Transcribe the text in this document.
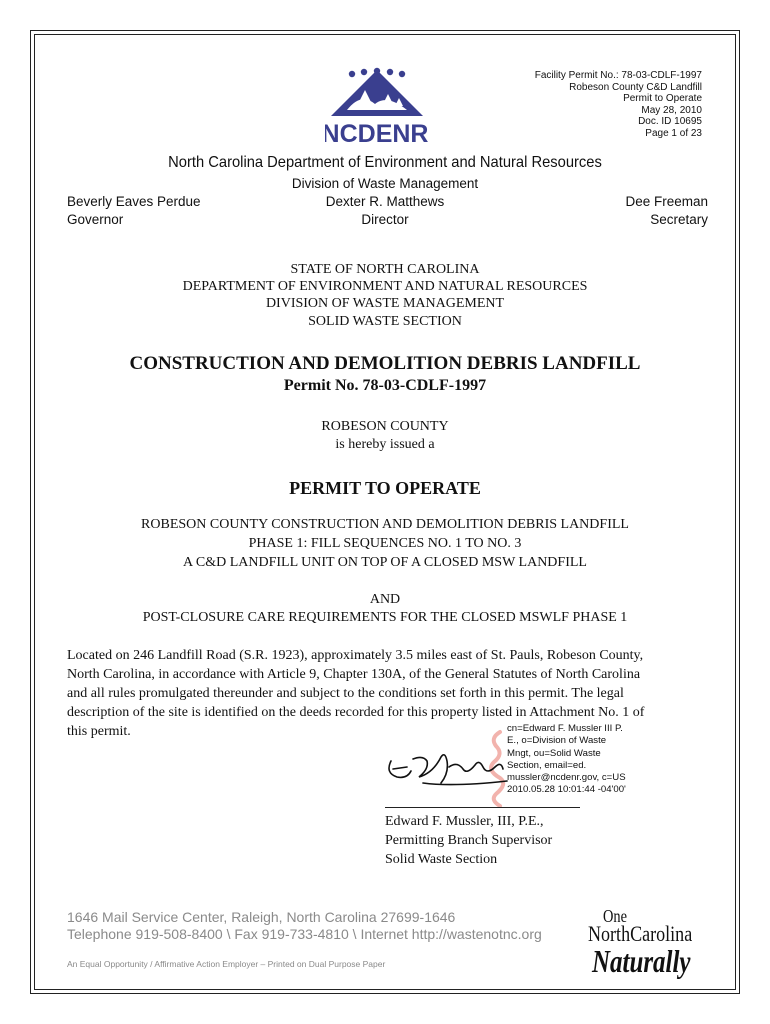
NCDENR
Facility Permit No.: 78-03-CDLF-1997
Robeson County C&D Landfill
Permit to Operate
May 28, 2010
Doc. ID 10695
Page 1 of 23
North Carolina Department of Environment and Natural Resources
Division of Waste Management
Beverly Eaves Perdue
Governor
Dexter R. Matthews
Director
Dee Freeman
Secretary
STATE OF NORTH CAROLINA
DEPARTMENT OF ENVIRONMENT AND NATURAL RESOURCES
DIVISION OF WASTE MANAGEMENT
SOLID WASTE SECTION
CONSTRUCTION AND DEMOLITION DEBRIS LANDFILL
Permit No. 78-03-CDLF-1997
ROBESON COUNTY
is hereby issued a
PERMIT TO OPERATE
ROBESON COUNTY CONSTRUCTION AND DEMOLITION DEBRIS LANDFILL
PHASE 1: FILL SEQUENCES NO. 1 TO NO. 3
A C&D LANDFILL UNIT ON TOP OF A CLOSED MSW LANDFILL
AND
POST-CLOSURE CARE REQUIREMENTS FOR THE CLOSED MSWLF PHASE 1
Located on 246 Landfill Road (S.R. 1923), approximately 3.5 miles east of St. Pauls, Robeson County,
North Carolina, in accordance with Article 9, Chapter 130A, of the General Statutes of North Carolina
and all rules promulgated thereunder and subject to the conditions set forth in this permit. The legal
description of the site is identified on the deeds recorded for this property listed in Attachment No. 1 of
this permit.	cn=Edward F. Mussler III P.
E., o=Division of Waste
Mngt, ou=Solid Waste
Section, email=ed.
mussler@ncdenr.gov, c=US
2010.05.28 10:01:44 -04'00'
Edward F. Mussler, III, P.E.,
Permitting Branch Supervisor
Solid Waste Section
1646 Mail Service Center, Raleigh, North Carolina 27699-1646
Telephone 919-508-8400 \ Fax 919-733-4810 \ Internet http://wastenotnc.org
An Equal Opportunity / Affirmative Action Employer – Printed on Dual Purpose Paper
One
NorthCarolina
Naturally
